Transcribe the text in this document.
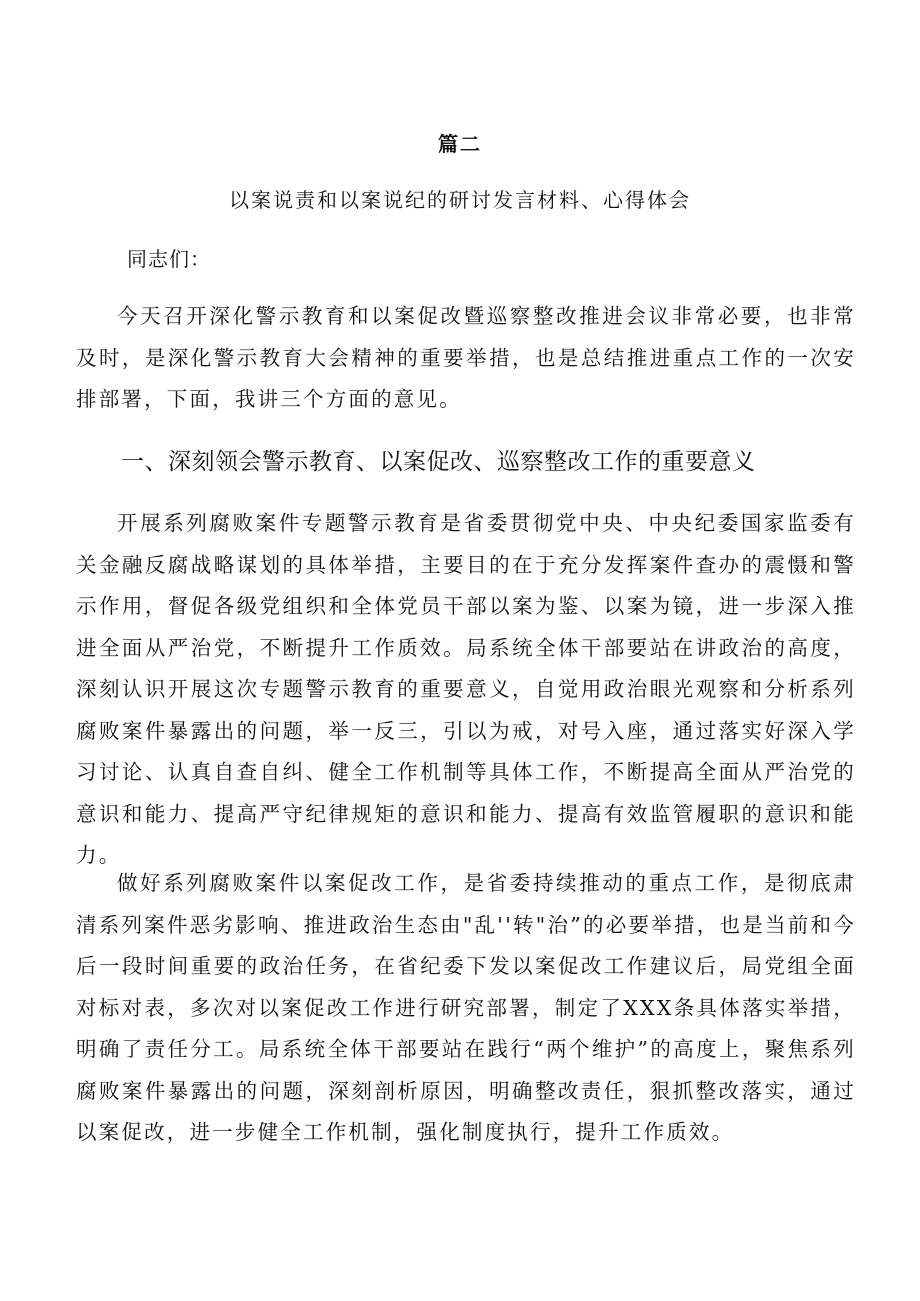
篇二
以案说责和以案说纪的研讨发言材料、心得体会
同志们：

今天召开深化警示教育和以案促改暨巡察整改推进会议非常必要，也非常及时，是深化警示教育大会精神的重要举措，也是总结推进重点工作的一次安排部署，下面，我讲三个方面的意见。

一、深刻领会警示教育、以案促改、巡察整改工作的重要意义

开展系列腐败案件专题警示教育是省委贯彻党中央、中央纪委国家监委有关金融反腐战略谋划的具体举措，主要目的在于充分发挥案件查办的震慑和警示作用，督促各级党组织和全体党员干部以案为鉴、以案为镜，进一步深入推进全面从严治党，不断提升工作质效。局系统全体干部要站在讲政治的高度，深刻认识开展这次专题警示教育的重要意义，自觉用政治眼光观察和分析系列腐败案件暴露出的问题，举一反三，引以为戒，对号入座，通过落实好深入学习讨论、认真自查自纠、健全工作机制等具体工作，不断提高全面从严治党的意识和能力、提高严守纪律规矩的意识和能力、提高有效监管履职的意识和能力。

做好系列腐败案件以案促改工作，是省委持续推动的重点工作，是彻底肃清系列案件恶劣影响、推进政治生态由"乱''转"治”的必要举措，也是当前和今后一段时间重要的政治任务，在省纪委下发以案促改工作建议后，局党组全面对标对表，多次对以案促改工作进行研究部署，制定了XXX条具体落实举措，明确了责任分工。局系统全体干部要站在践行“两个维护”的高度上，聚焦系列腐败案件暴露出的问题，深刻剖析原因，明确整改责任，狠抓整改落实，通过以案促改，进一步健全工作机制，强化制度执行，提升工作质效。
